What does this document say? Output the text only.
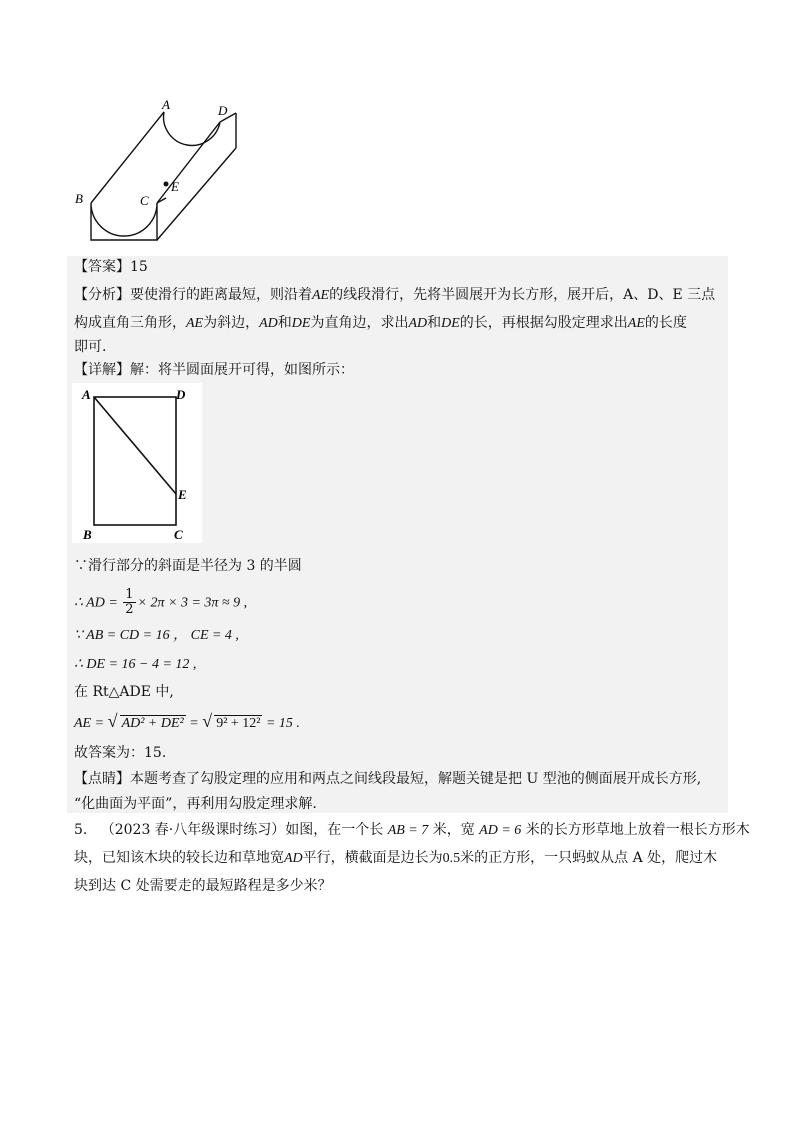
A	D
B	C
E
【答案】15
【分析】要使滑行的距离最短，则沿着AE的线段滑行，先将半圆展开为长方形，展开后，A、D、E 三点
构成直角三角形，AE为斜边，AD和DE为直角边，求出AD和DE的长，再根据勾股定理求出AE的长度
即可.
【详解】解：将半圆面展开可得，如图所示：
A	D
E
B	C
∵滑行部分的斜面是半径为 3 的半圆
∴ AD = $\frac{1}{2} \times 2\pi \times 3 = 3\pi \approx 9$ ,
∵ AB = CD = 16 ， CE = 4 ,
∴ DE = 16 − 4 = 12 ,
在 Rt△ADE 中,
AE = √ AD² + DE² = √ 9² + 12² = 15 .
故答案为：15.
【点睛】本题考查了勾股定理的应用和两点之间线段最短，解题关键是把 U 型池的侧面展开成长方形,
“化曲面为平面”，再利用勾股定理求解.
5. （2023 春·八年级课时练习）如图，在一个长 AB = 7 米，宽 AD = 6 米的长方形草地上放着一根长方形木
块，已知该木块的较长边和草地宽AD平行，横截面是边长为0.5米的正方形，一只蚂蚁从点 A 处，爬过木
块到达 C 处需要走的最短路程是多少米？
